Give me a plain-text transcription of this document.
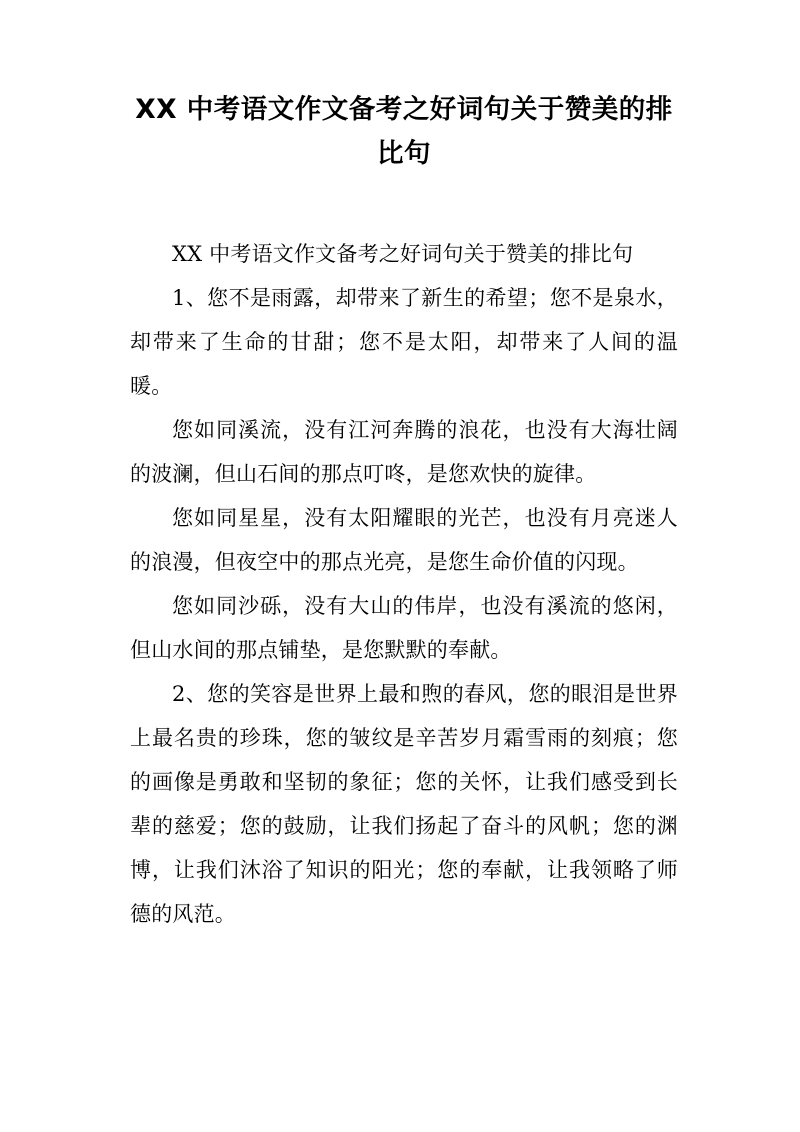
XX 中考语文作文备考之好词句关于赞美的排比句

XX 中考语文作文备考之好词句关于赞美的排比句

1、您不是雨露，却带来了新生的希望；您不是泉水，却带来了生命的甘甜；您不是太阳，却带来了人间的温暖。

您如同溪流，没有江河奔腾的浪花，也没有大海壮阔的波澜，但山石间的那点叮咚，是您欢快的旋律。

您如同星星，没有太阳耀眼的光芒，也没有月亮迷人的浪漫，但夜空中的那点光亮，是您生命价值的闪现。

您如同沙砾，没有大山的伟岸，也没有溪流的悠闲，但山水间的那点铺垫，是您默默的奉献。

2、您的笑容是世界上最和煦的春风，您的眼泪是世界上最名贵的珍珠，您的皱纹是辛苦岁月霜雪雨的刻痕；您的画像是勇敢和坚韧的象征；您的关怀，让我们感受到长辈的慈爱；您的鼓励，让我们扬起了奋斗的风帆；您的渊博，让我们沐浴了知识的阳光；您的奉献，让我领略了师德的风范。
